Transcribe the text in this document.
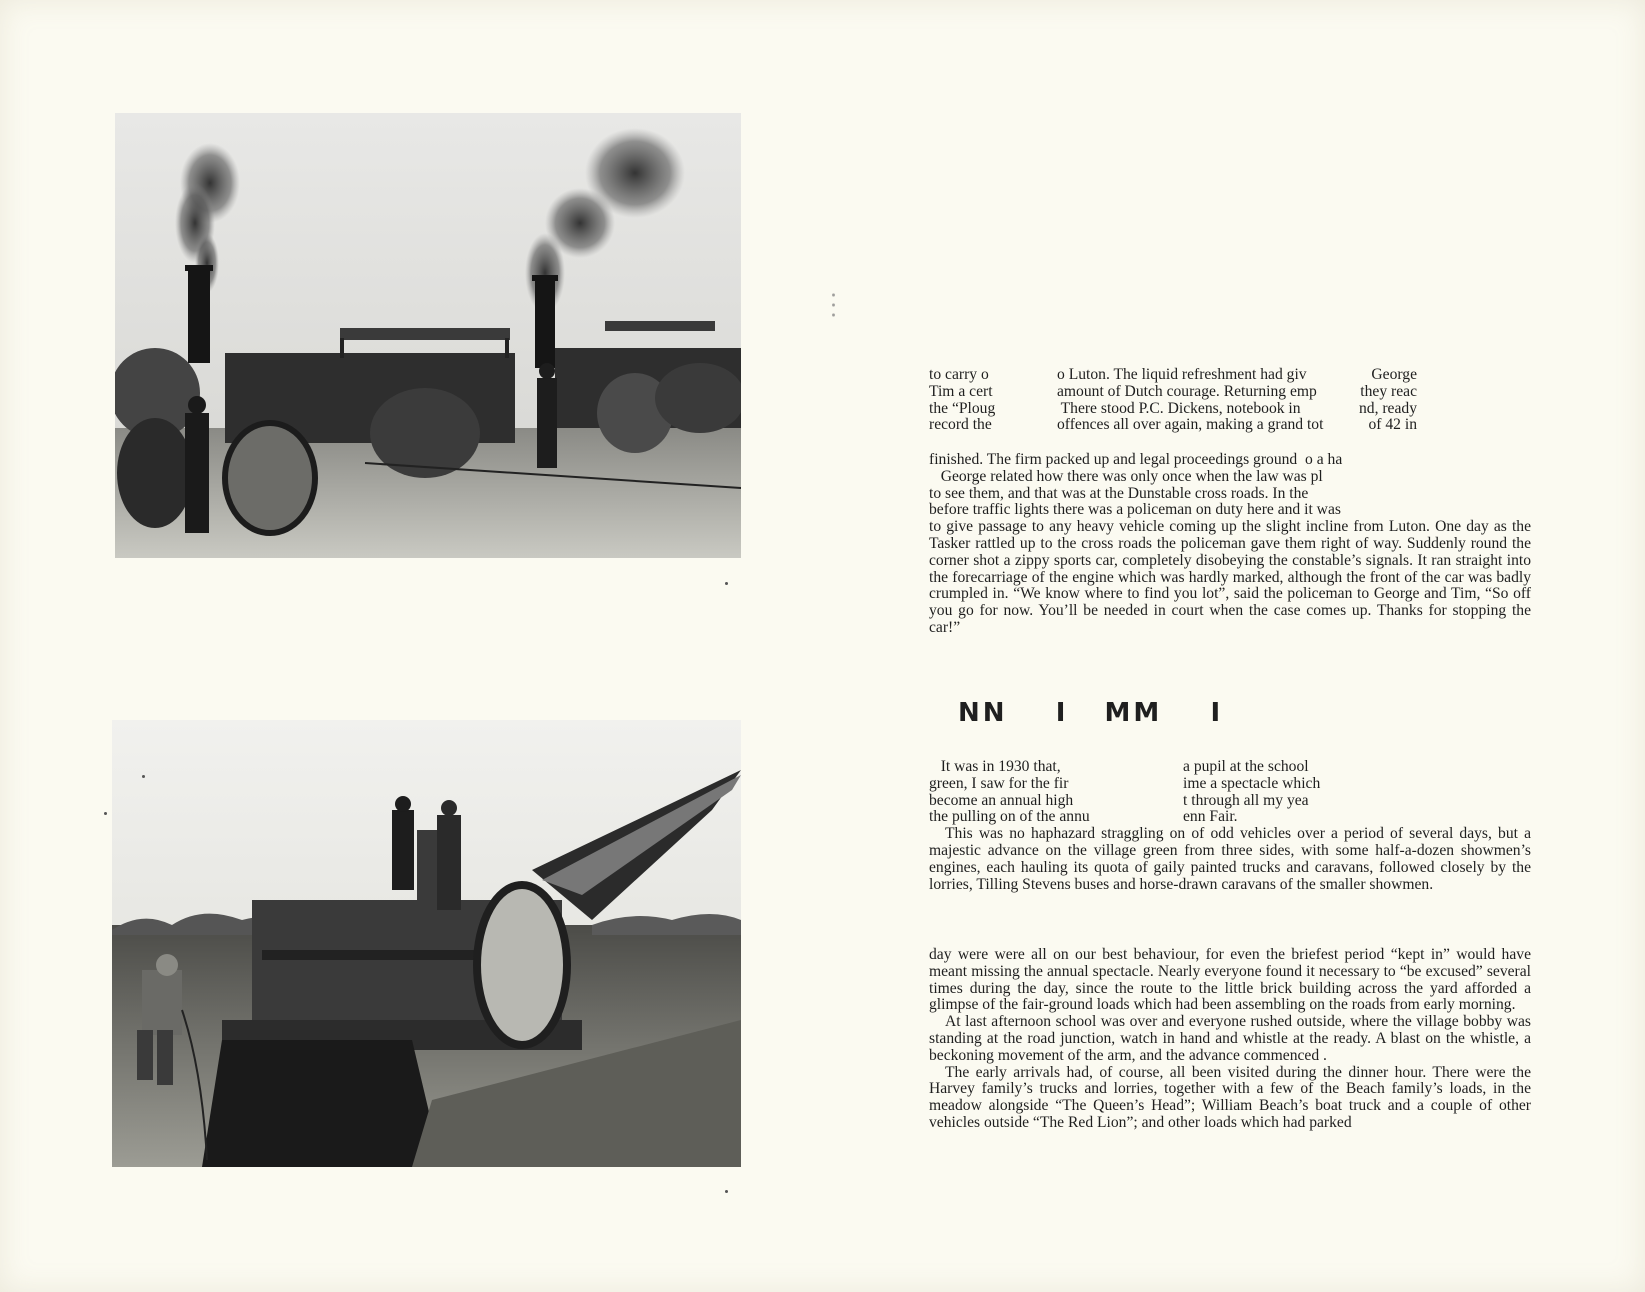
to carry o	o Luton. The liquid refreshment had giv	George
Tim a cert	amount of Dutch courage. Returning emp	they reac
the “Ploug	There stood P.C. Dickens, notebook in	nd, ready
record the	offences all over again, making a grand tot	of 42 in
finished. The firm packed up and legal proceedings ground  o a ha
George related how there was only once when the law was pl
to see them, and that was at the Dunstable cross roads. In the
before traffic lights there was a policeman on duty here and it was

to give passage to any heavy vehicle coming up the slight incline from Luton. One day as the Tasker rattled up to the cross roads the policeman gave them right of way. Suddenly round the corner shot a zippy sports car, completely disobeying the constable’s signals. It ran straight into the forecarriage of the engine which was hardly marked, although the front of the car was badly crumpled in. “We know where to find you lot”, said the policeman to George and Tim, “So off you go for now. You’ll be needed in court when the case comes up. Thanks for stopping the car!”

NN    I   MM    I
It was in 1930 that,	a pupil at the school
green, I saw for the fir	ime a spectacle which
become an annual high	t through all my yea
the pulling on of the annu	enn Fair.

This was no haphazard straggling on of odd vehicles over a period of several days, but a majestic advance on the village green from three sides, with some half-a-dozen showmen’s engines, each hauling its quota of gaily painted trucks and caravans, followed closely by the lorries, Tilling Stevens buses and horse-drawn caravans of the smaller showmen.

day were were all on our best behaviour, for even the briefest period “kept in” would have meant missing the annual spectacle. Nearly everyone found it necessary to “be excused” several times during the day, since the route to the little brick building across the yard afforded a glimpse of the fair-ground loads which had been assembling on the roads from early morning.

At last afternoon school was over and everyone rushed outside, where the village bobby was standing at the road junction, watch in hand and whistle at the ready. A blast on the whistle, a beckoning movement of the arm, and the advance commenced .

The early arrivals had, of course, all been visited during the dinner hour. There were the Harvey family’s trucks and lorries, together with a few of the Beach family’s loads, in the meadow alongside “The Queen’s Head”; William Beach’s boat truck and a couple of other vehicles outside “The Red Lion”; and other loads which had parked
